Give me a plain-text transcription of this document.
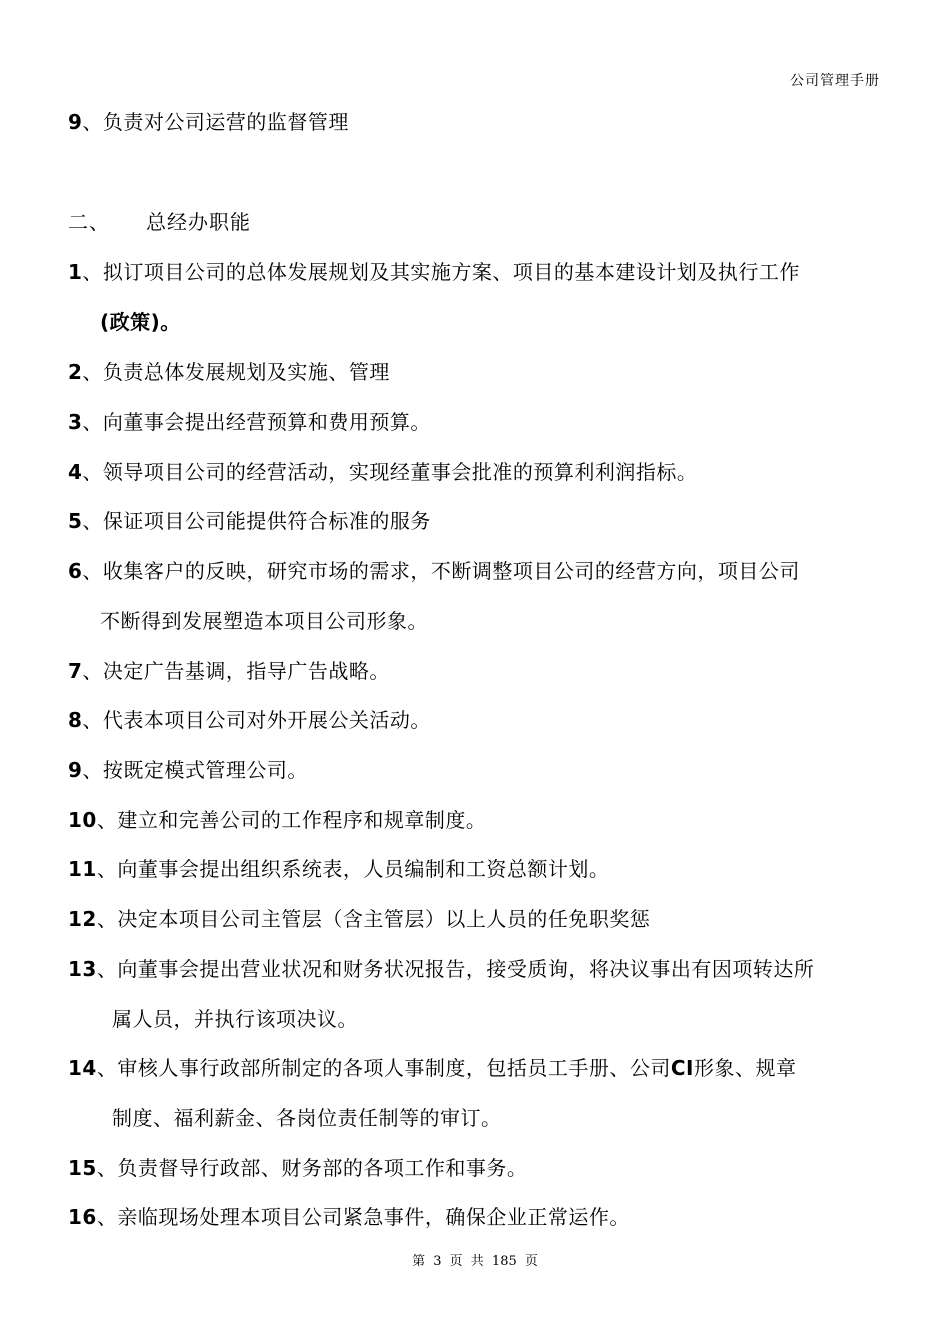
公司管理手册
9、负责对公司运营的监督管理
二、 总经办职能
1、拟订项目公司的总体发展规划及其实施方案、项目的基本建设计划及执行工作
(政策)。
2、负责总体发展规划及实施、管理
3、向董事会提出经营预算和费用预算。
4、领导项目公司的经营活动，实现经董事会批准的预算利利润指标。
5、保证项目公司能提供符合标准的服务
6、收集客户的反映，研究市场的需求，不断调整项目公司的经营方向，项目公司
不断得到发展塑造本项目公司形象。
7、决定广告基调，指导广告战略。
8、代表本项目公司对外开展公关活动。
9、按既定模式管理公司。
10、建立和完善公司的工作程序和规章制度。
11、向董事会提出组织系统表，人员编制和工资总额计划。
12、决定本项目公司主管层（含主管层）以上人员的任免职奖惩
13、向董事会提出营业状况和财务状况报告，接受质询，将决议事出有因项转达所
属人员，并执行该项决议。
14、审核人事行政部所制定的各项人事制度，包括员工手册、公司CI形象、规章
制度、福利薪金、各岗位责任制等的审订。
15、负责督导行政部、财务部的各项工作和事务。
16、亲临现场处理本项目公司紧急事件，确保企业正常运作。
第 3 页 共 185 页
